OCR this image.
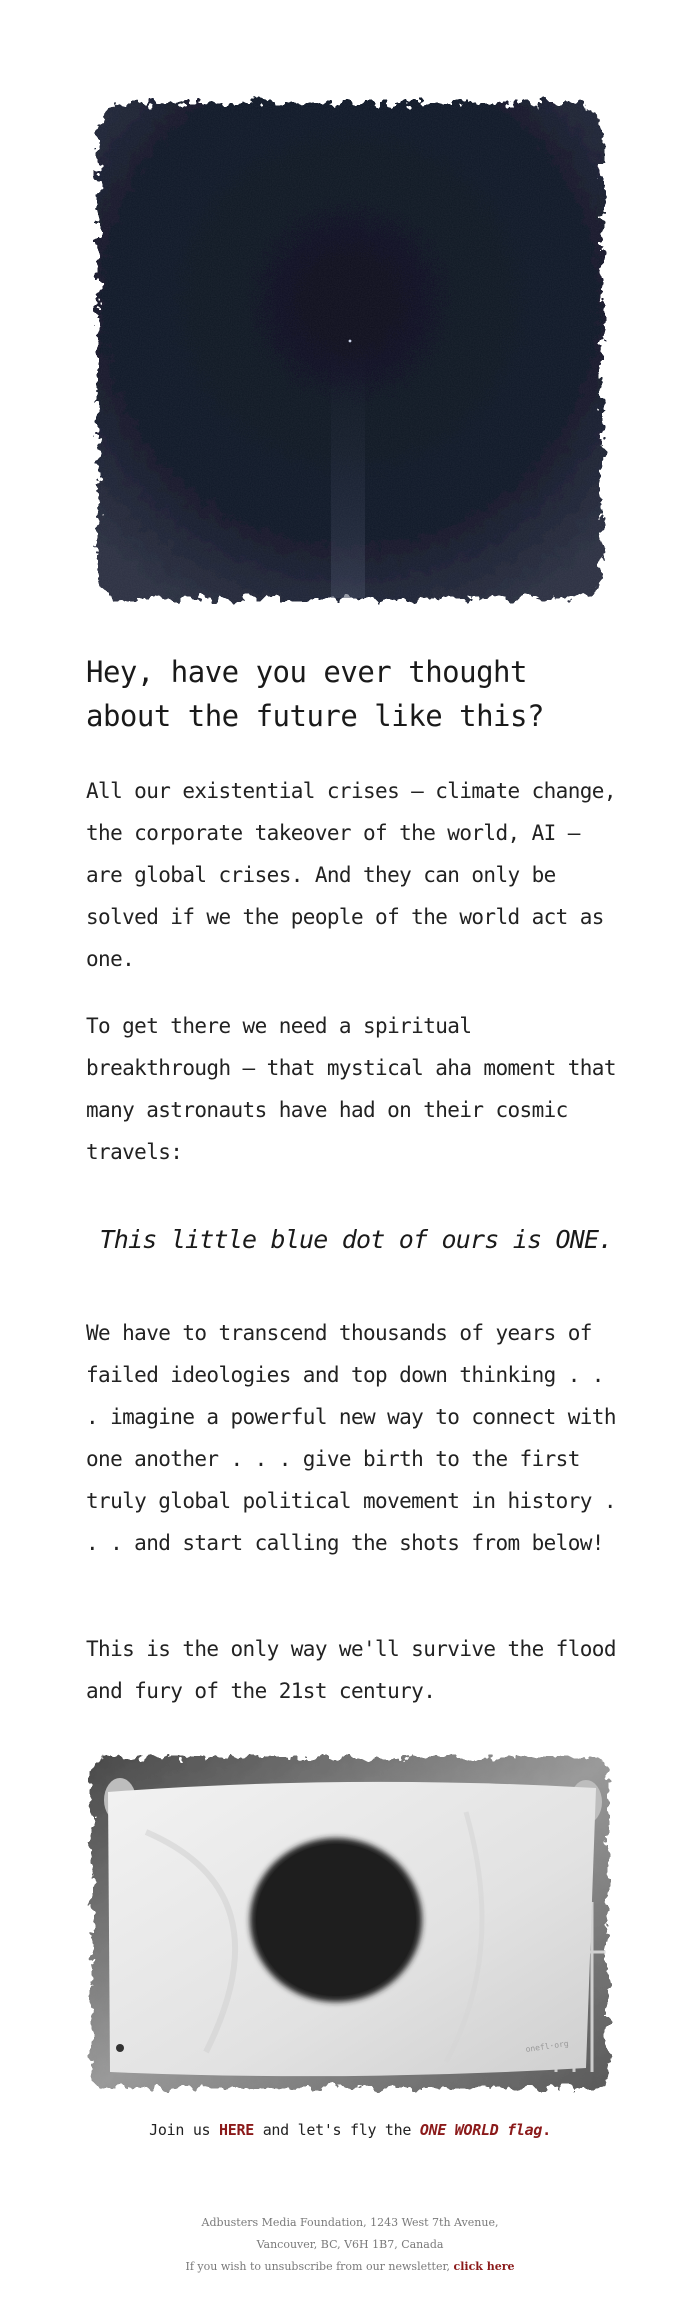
Hey, have you ever thought about the future like this?

All our existential crises — climate change, the corporate takeover of the world, AI — are global crises. And they can only be solved if we the people of the world act as one.

To get there we need a spiritual breakthrough — that mystical aha moment that many astronauts have had on their cosmic travels:

This little blue dot of ours is ONE.

We have to transcend thousands of years of failed ideologies and top down thinking . . . imagine a powerful new way to connect with one another . . . give birth to the first truly global political movement in history . . . and start calling the shots from below!

This is the only way we'll survive the flood and fury of the 21st century.

onefl·org
Join us HERE and let's fly the ONE WORLD flag.
Adbusters Media Foundation, 1243 West 7th Avenue,
Vancouver, BC, V6H 1B7, Canada
If you wish to unsubscribe from our newsletter, click here
